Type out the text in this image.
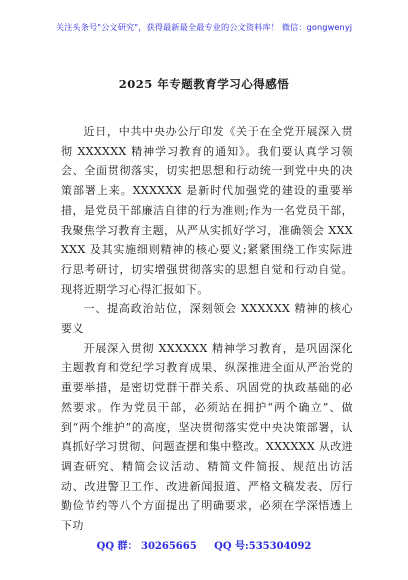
关注头条号"公文研究"，获得最新最全最专业的公文资料库！ 微信：gongwenyj
2025 年专题教育学习心得感悟

近日，中共中央办公厅印发《关于在全党开展深入贯彻 XXXXXX 精神学习教育的通知》。我们要认真学习领会、全面贯彻落实，切实把思想和行动统一到党中央的决策部署上来。XXXXXX 是新时代加强党的建设的重要举措，是党员干部廉洁自律的行为准则;作为一名党员干部，我聚焦学习教育主题，从严从实抓好学习，准确领会 XXXXXX 及其实施细则精神的核心要义;紧紧围绕工作实际进行思考研讨，切实增强贯彻落实的思想自觉和行动自觉。现将近期学习心得汇报如下。

一、提高政治站位，深刻领会 XXXXXX 精神的核心要义

开展深入贯彻 XXXXXX 精神学习教育，是巩固深化主题教育和党纪学习教育成果、纵深推进全面从严治党的重要举措，是密切党群干群关系、巩固党的执政基础的必然要求。作为党员干部，必须站在拥护“两个确立”、做到“两个维护”的高度，坚决贯彻落实党中央决策部署，认真抓好学习贯彻、问题查摆和集中整改。XXXXXX 从改进调查研究、精简会议活动、精简文件简报、规范出访活动、改进警卫工作、改进新闻报道、严格文稿发表、厉行勤俭节约等八个方面提出了明确要求，必须在学深悟透上下功

QQ 群： 30265665 QQ 号:535304092
